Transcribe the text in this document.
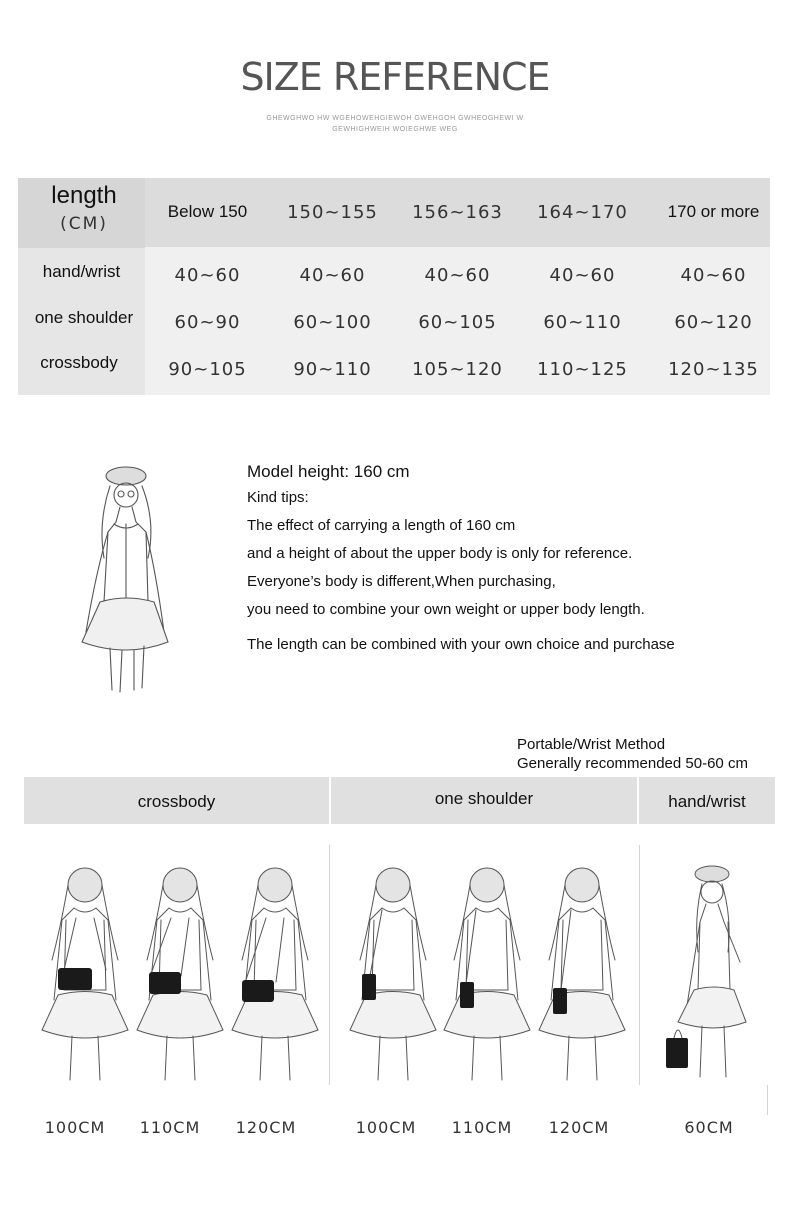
SIZE REFERENCE
GHEWGHWO HW WGEHOWEHGIEWOH GWEHGOH GWHEOGHEWI W
GEWHIGHWEIH WOIEGHWE WEG
length
(CM)
Below 150	150~155	156~163	164~170	170 or more
hand/wrist	40~60	40~60	40~60	40~60	40~60
one shoulder	60~90	60~100	60~105	60~110	60~120
crossbody	90~105	90~110	105~120	110~125	120~135
Model height: 160 cm
Kind tips:
The effect of carrying a length of 160 cm
and a height of about the upper body is only for reference.
Everyone’s body is different,When purchasing,
you need to combine your own weight or upper body length.
The length can be combined with your own choice and purchase
Portable/Wrist Method
Generally recommended 50-60 cm
crossbody	one shoulder	hand/wrist
100CM	110CM	120CM	100CM	110CM	120CM	60CM
